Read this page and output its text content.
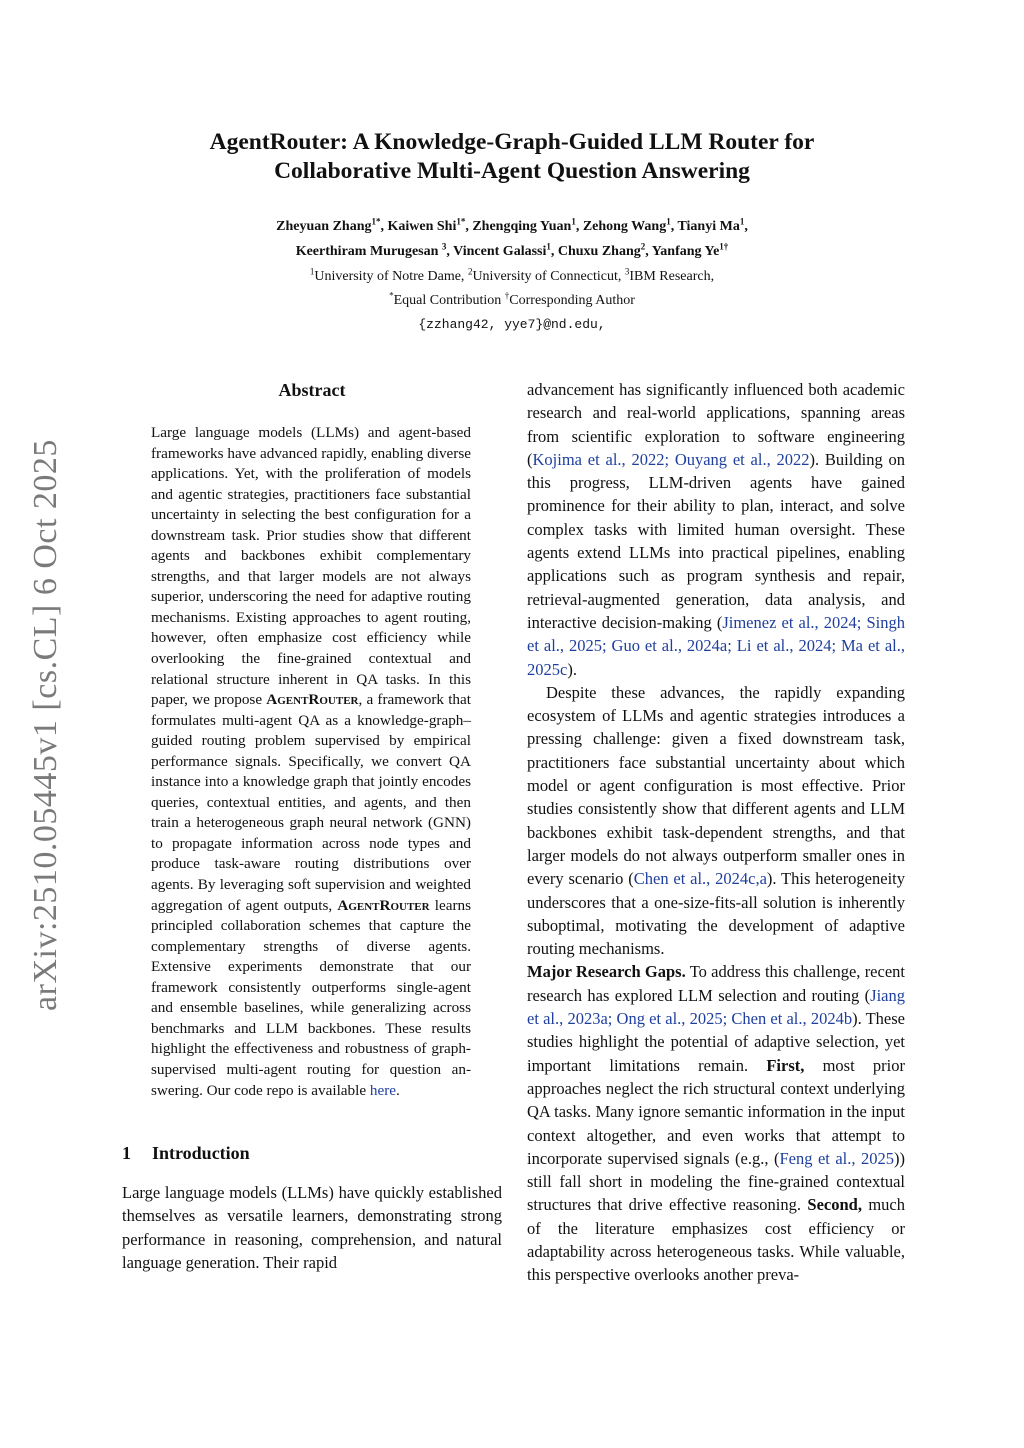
arXiv:2510.05445v1 [cs.CL] 6 Oct 2025
AgentRouter: A Knowledge-Graph-Guided LLM Router for
Collaborative Multi-Agent Question Answering
Zheyuan Zhang$^{1*}$, Kaiwen Shi$^{1*}$, Zhengqing Yuan$^1$, Zehong Wang$^1$, Tianyi Ma$^1$,
Keerthiram Murugesan $^3$, Vincent Galassi$^1$, Chuxu Zhang$^2$, Yanfang $Ye^{1\dagger}$
$^1$University of Notre Dame, $^2$University of Connecticut, $^3$IBM Research,
*Equal Contribution †Corresponding Author
{zzhang42, yye7}@nd.edu,
Abstract

Large language models (LLMs) and agent-based frameworks have advanced rapidly, enabling diverse applications. Yet, with the proliferation of models and agentic strategies, practitioners face substantial uncertainty in selecting the best configuration for a downstream task. Prior studies show that different agents and backbones exhibit complementary strengths, and that larger models are not always superior, underscoring the need for adaptive routing mechanisms. Existing approaches to agent routing, however, often emphasize cost efficiency while overlooking the fine-grained contextual and relational structure inherent in QA tasks. In this paper, we propose AgentRouter, a framework that formulates multi-agent QA as a knowledge-graph–guided routing problem supervised by empirical performance signals. Specifically, we convert QA instance into a knowledge graph that jointly encodes queries, contextual entities, and agents, and then train a heterogeneous graph neural network (GNN) to propagate information across node types and produce task-aware routing distributions over agents. By leveraging soft supervision and weighted aggregation of agent outputs, AgentRouter learns principled collaboration schemes that capture the complementary strengths of diverse agents. Extensive experiments demonstrate that our framework consistently outperforms single-agent and ensemble baselines, while generalizing across benchmarks and LLM backbones. These results highlight the effectiveness and robustness of graph-supervised multi-agent routing for question answering. Our code repo is available here.

1 Introduction

Large language models (LLMs) have quickly established themselves as versatile learners, demonstrating strong performance in reasoning, comprehension, and natural language generation. Their rapid

advancement has significantly influenced both academic research and real-world applications, spanning areas from scientific exploration to software engineering (Kojima et al., 2022; Ouyang et al., 2022). Building on this progress, LLM-driven agents have gained prominence for their ability to plan, interact, and solve complex tasks with limited human oversight. These agents extend LLMs into practical pipelines, enabling applications such as program synthesis and repair, retrieval-augmented generation, data analysis, and interactive decision-making (Jimenez et al., 2024; Singh et al., 2025; Guo et al., 2024a; Li et al., 2024; Ma et al., 2025c).

Despite these advances, the rapidly expanding ecosystem of LLMs and agentic strategies introduces a pressing challenge: given a fixed downstream task, practitioners face substantial uncertainty about which model or agent configuration is most effective. Prior studies consistently show that different agents and LLM backbones exhibit task-dependent strengths, and that larger models do not always outperform smaller ones in every scenario (Chen et al., 2024c,a). This heterogeneity underscores that a one-size-fits-all solution is inherently suboptimal, motivating the development of adaptive routing mechanisms.

Major Research Gaps. To address this challenge, recent research has explored LLM selection and routing (Jiang et al., 2023a; Ong et al., 2025; Chen et al., 2024b). These studies highlight the potential of adaptive selection, yet important limitations remain. First, most prior approaches neglect the rich structural context underlying QA tasks. Many ignore semantic information in the input context altogether, and even works that attempt to incorporate supervised signals (e.g., (Feng et al., 2025)) still fall short in modeling the fine-grained contextual structures that drive effective reasoning. Second, much of the literature emphasizes cost efficiency or adaptability across heterogeneous tasks. While valuable, this perspective overlooks another preva-
